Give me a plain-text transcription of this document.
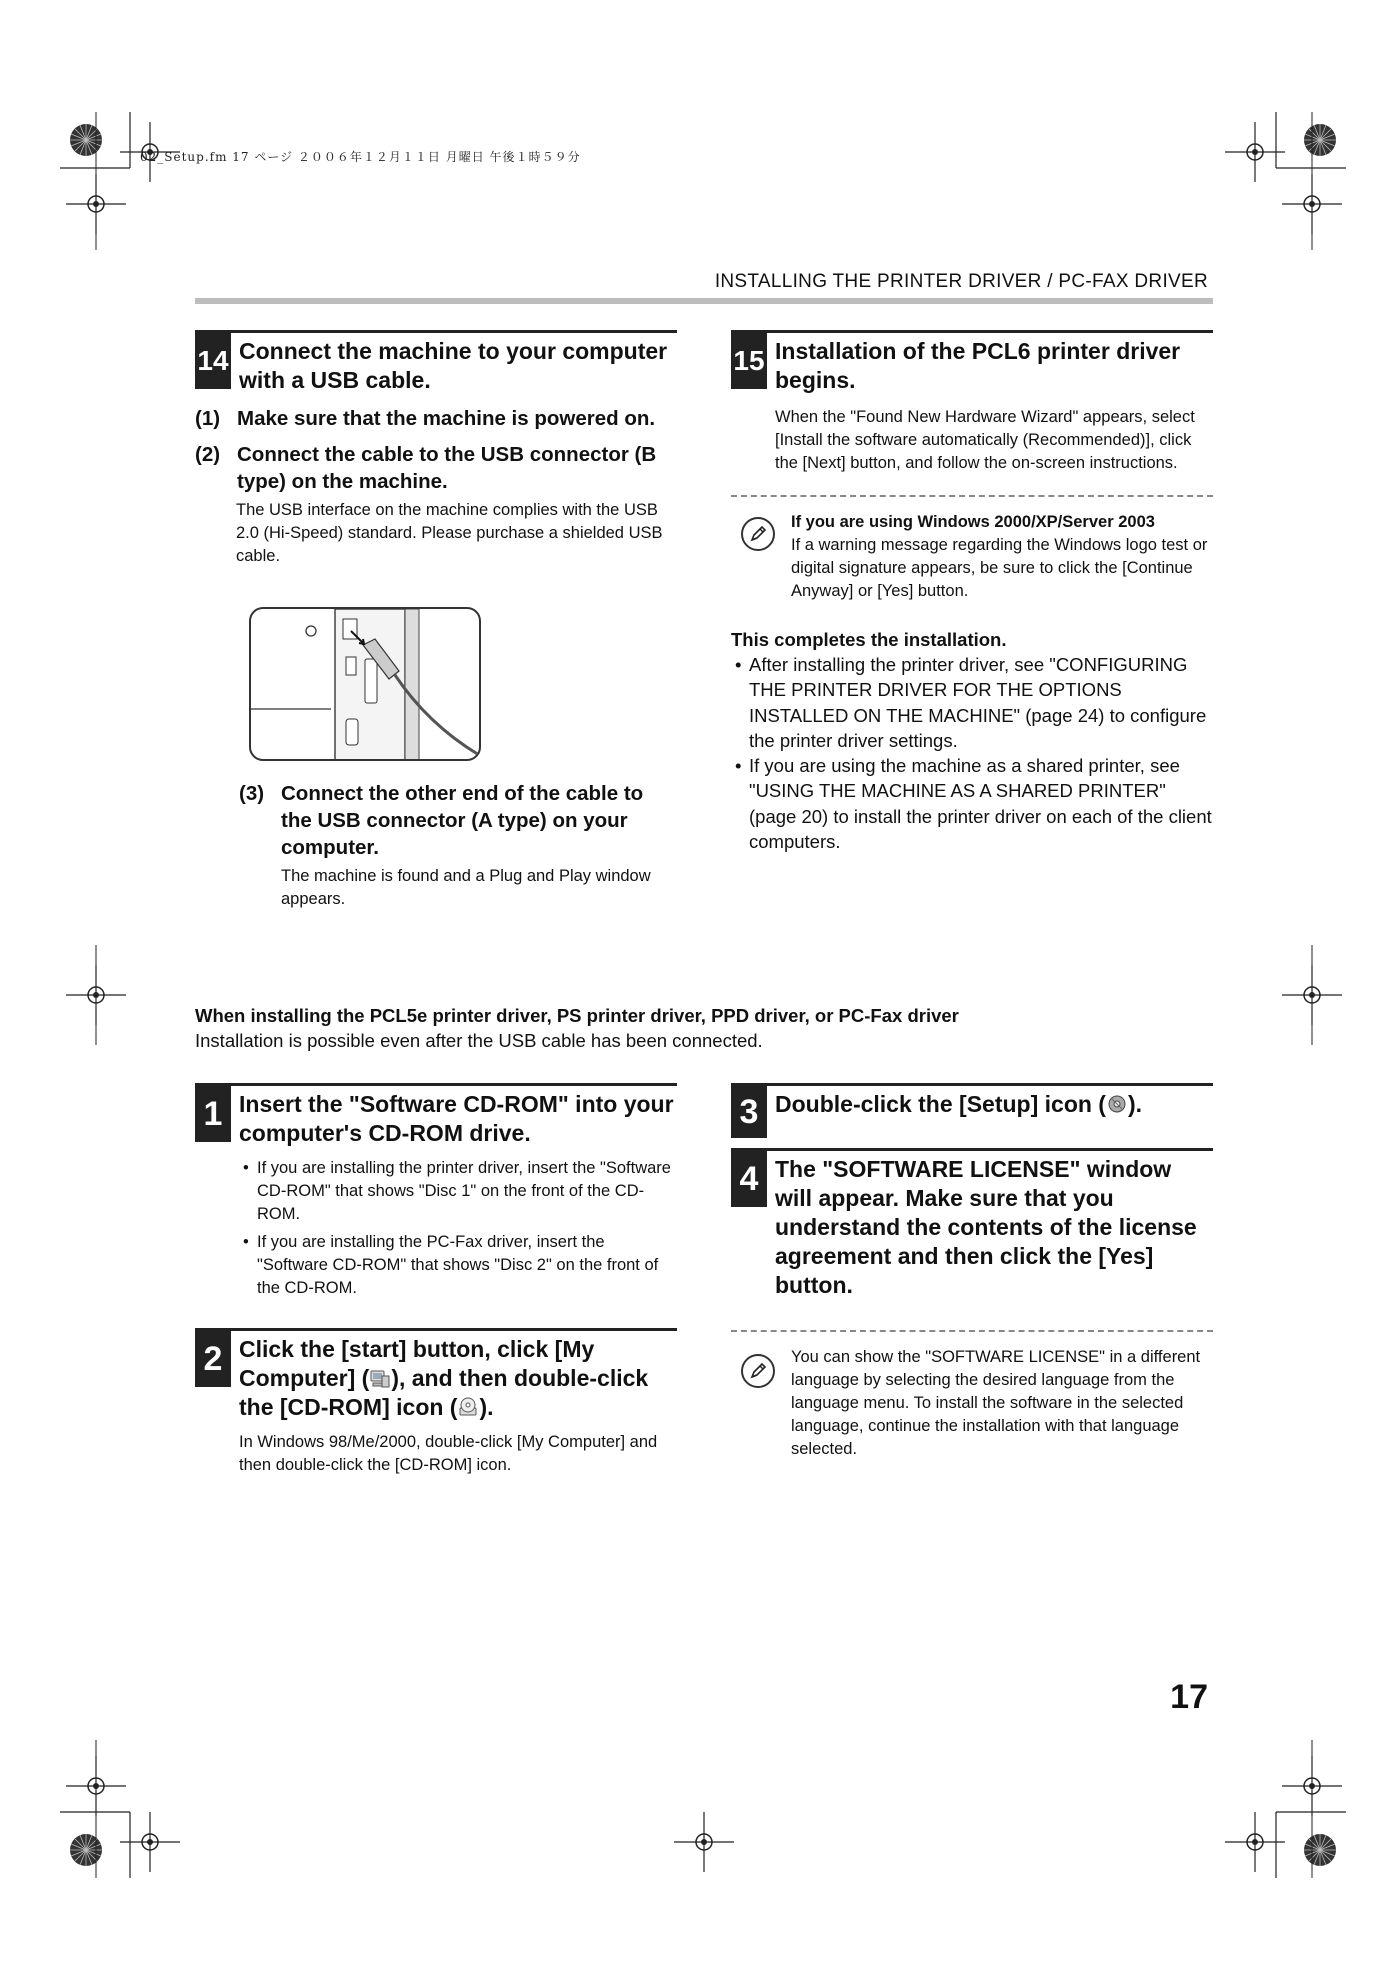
02_Setup.fm 17 ページ ２００６年１２月１１日 月曜日 午後１時５９分
INSTALLING THE PRINTER DRIVER / PC-FAX DRIVER
14 Connect the machine to your computer with a USB cable.
(1) Make sure that the machine is powered on.
(2) Connect the cable to the USB connector (B type) on the machine.
The USB interface on the machine complies with the USB 2.0 (Hi-Speed) standard. Please purchase a shielded USB cable.
(3) Connect the other end of the cable to the USB connector (A type) on your computer.
The machine is found and a Plug and Play window appears.
15 Installation of the PCL6 printer driver begins.
When the "Found New Hardware Wizard" appears, select [Install the software automatically (Recommended)], click the [Next] button, and follow the on-screen instructions.
If you are using Windows 2000/XP/Server 2003
If a warning message regarding the Windows logo test or digital signature appears, be sure to click the [Continue Anyway] or [Yes] button.
This completes the installation.
• After installing the printer driver, see "CONFIGURING THE PRINTER DRIVER FOR THE OPTIONS INSTALLED ON THE MACHINE" (page 24) to configure the printer driver settings.
• If you are using the machine as a shared printer, see "USING THE MACHINE AS A SHARED PRINTER" (page 20) to install the printer driver on each of the client computers.
When installing the PCL5e printer driver, PS printer driver, PPD driver, or PC-Fax driver
Installation is possible even after the USB cable has been connected.
1 Insert the "Software CD-ROM" into your computer's CD-ROM drive.
• If you are installing the printer driver, insert the "Software CD-ROM" that shows "Disc 1" on the front of the CD-ROM.
• If you are installing the PC-Fax driver, insert the "Software CD-ROM" that shows "Disc 2" on the front of the CD-ROM.
2 Click the [start] button, click [My Computer] ( ), and then double-click the [CD-ROM] icon ( ).
In Windows 98/Me/2000, double-click [My Computer] and then double-click the [CD-ROM] icon.
3 Double-click the [Setup] icon ( ).
4 The "SOFTWARE LICENSE" window will appear. Make sure that you understand the contents of the license agreement and then click the [Yes] button.
You can show the "SOFTWARE LICENSE" in a different language by selecting the desired language from the language menu. To install the software in the selected language, continue the installation with that language selected.
17
